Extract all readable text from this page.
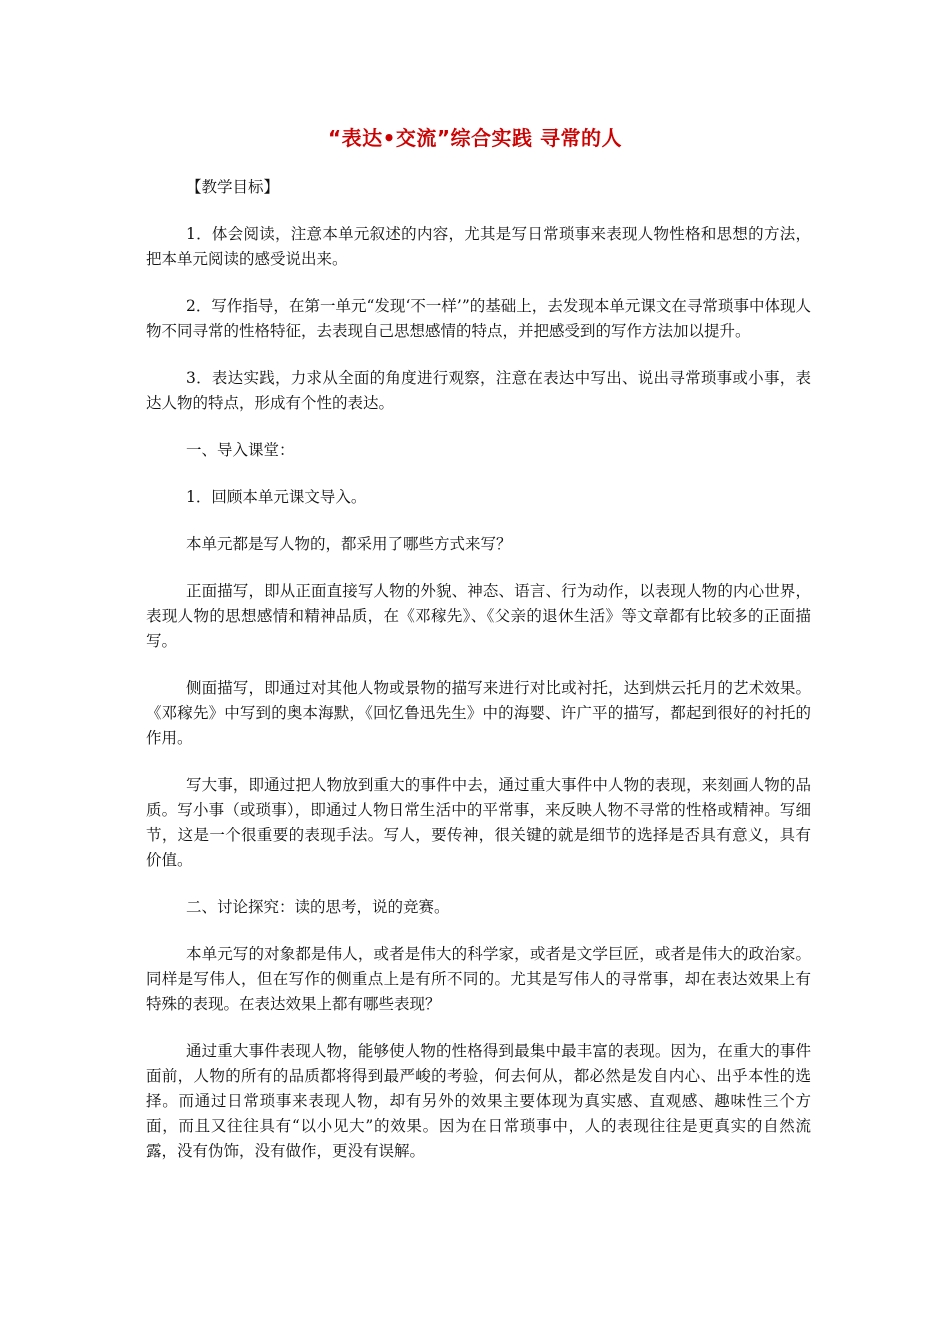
“表达•交流”综合实践 寻常的人

【教学目标】

1．体会阅读，注意本单元叙述的内容，尤其是写日常琐事来表现人物性格和思想的方法，把本单元阅读的感受说出来。

2．写作指导，在第一单元“发现‘不一样’”的基础上，去发现本单元课文在寻常琐事中体现人物不同寻常的性格特征，去表现自己思想感情的特点，并把感受到的写作方法加以提升。

3．表达实践，力求从全面的角度进行观察，注意在表达中写出、说出寻常琐事或小事，表达人物的特点，形成有个性的表达。

一、导入课堂：

1．回顾本单元课文导入。

本单元都是写人物的，都采用了哪些方式来写？

正面描写，即从正面直接写人物的外貌、神态、语言、行为动作，以表现人物的内心世界，表现人物的思想感情和精神品质，在《邓稼先》、《父亲的退休生活》等文章都有比较多的正面描写。

侧面描写，即通过对其他人物或景物的描写来进行对比或衬托，达到烘云托月的艺术效果。《邓稼先》中写到的奥本海默，《回忆鲁迅先生》中的海婴、许广平的描写，都起到很好的衬托的作用。

写大事，即通过把人物放到重大的事件中去，通过重大事件中人物的表现，来刻画人物的品质。写小事（或琐事），即通过人物日常生活中的平常事，来反映人物不寻常的性格或精神。写细节，这是一个很重要的表现手法。写人，要传神，很关键的就是细节的选择是否具有意义，具有价值。

二、讨论探究：读的思考，说的竞赛。

本单元写的对象都是伟人，或者是伟大的科学家，或者是文学巨匠，或者是伟大的政治家。同样是写伟人，但在写作的侧重点上是有所不同的。尤其是写伟人的寻常事，却在表达效果上有特殊的表现。在表达效果上都有哪些表现？

通过重大事件表现人物，能够使人物的性格得到最集中最丰富的表现。因为，在重大的事件面前，人物的所有的品质都将得到最严峻的考验，何去何从，都必然是发自内心、出乎本性的选择。而通过日常琐事来表现人物，却有另外的效果主要体现为真实感、直观感、趣味性三个方面，而且又往往具有“以小见大”的效果。因为在日常琐事中，人的表现往往是更真实的自然流露，没有伪饰，没有做作，更没有误解。
